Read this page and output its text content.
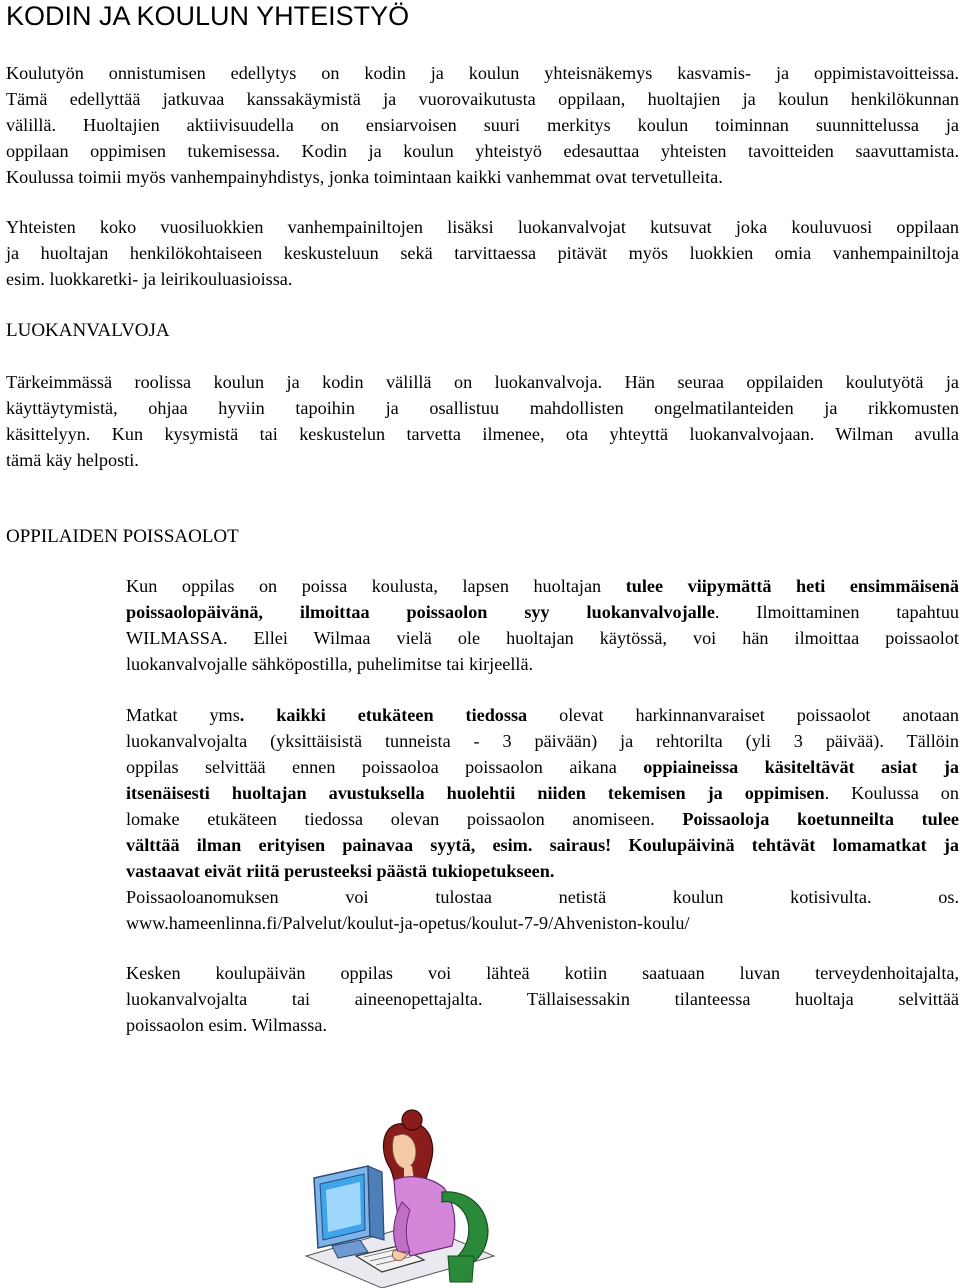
KODIN JA KOULUN YHTEISTYÖ
Koulutyön onnistumisen edellytys on kodin ja koulun yhteisnäkemys kasvamis- ja oppimistavoitteissa.
Tämä edellyttää jatkuvaa kanssakäymistä ja vuorovaikutusta oppilaan, huoltajien ja koulun henkilökunnan
välillä. Huoltajien aktiivisuudella on ensiarvoisen suuri merkitys koulun toiminnan suunnittelussa ja
oppilaan oppimisen tukemisessa. Kodin ja koulun yhteistyö edesauttaa yhteisten tavoitteiden saavuttamista.
Koulussa toimii myös vanhempainyhdistys, jonka toimintaan kaikki vanhemmat ovat tervetulleita.
Yhteisten koko vuosiluokkien vanhempainiltojen lisäksi luokanvalvojat kutsuvat joka kouluvuosi oppilaan
ja huoltajan henkilökohtaiseen keskusteluun sekä tarvittaessa pitävät myös luokkien omia vanhempainiltoja
esim. luokkaretki- ja leirikouluasioissa.
LUOKANVALVOJA
Tärkeimmässä roolissa koulun ja kodin välillä on luokanvalvoja. Hän seuraa oppilaiden koulutyötä ja
käyttäytymistä, ohjaa hyviin tapoihin ja osallistuu mahdollisten ongelmatilanteiden ja rikkomusten
käsittelyyn. Kun kysymistä tai keskustelun tarvetta ilmenee, ota yhteyttä luokanvalvojaan. Wilman avulla
tämä käy helposti.
OPPILAIDEN POISSAOLOT
Kun oppilas on poissa koulusta, lapsen huoltajan tulee viipymättä heti ensimmäisenä
poissaolopäivänä, ilmoittaa poissaolon syy luokanvalvojalle. Ilmoittaminen tapahtuu
WILMASSA. Ellei Wilmaa vielä ole huoltajan käytössä, voi hän ilmoittaa poissaolot
luokanvalvojalle sähköpostilla, puhelimitse tai kirjeellä.
Matkat yms. kaikki etukäteen tiedossa olevat harkinnanvaraiset poissaolot anotaan
luokanvalvojalta (yksittäisistä tunneista - 3 päivään) ja rehtorilta (yli 3 päivää). Tällöin
oppilas selvittää ennen poissaoloa poissaolon aikana oppiaineissa käsiteltävät asiat ja
itsenäisesti huoltajan avustuksella huolehtii niiden tekemisen ja oppimisen. Koulussa on
lomake etukäteen tiedossa olevan poissaolon anomiseen. Poissaoloja koetunneilta tulee
välttää ilman erityisen painavaa syytä, esim. sairaus! Koulupäivinä tehtävät lomamatkat ja
vastaavat eivät riitä perusteeksi päästä tukiopetukseen.
Poissaoloanomuksen voi tulostaa netistä koulun kotisivulta. os.
www.hameenlinna.fi/Palvelut/koulut-ja-opetus/koulut-7-9/Ahveniston-koulu/
Kesken koulupäivän oppilas voi lähteä kotiin saatuaan luvan terveydenhoitajalta,
luokanvalvojalta tai aineenopettajalta. Tällaisessakin tilanteessa huoltaja selvittää
poissaolon esim. Wilmassa.
